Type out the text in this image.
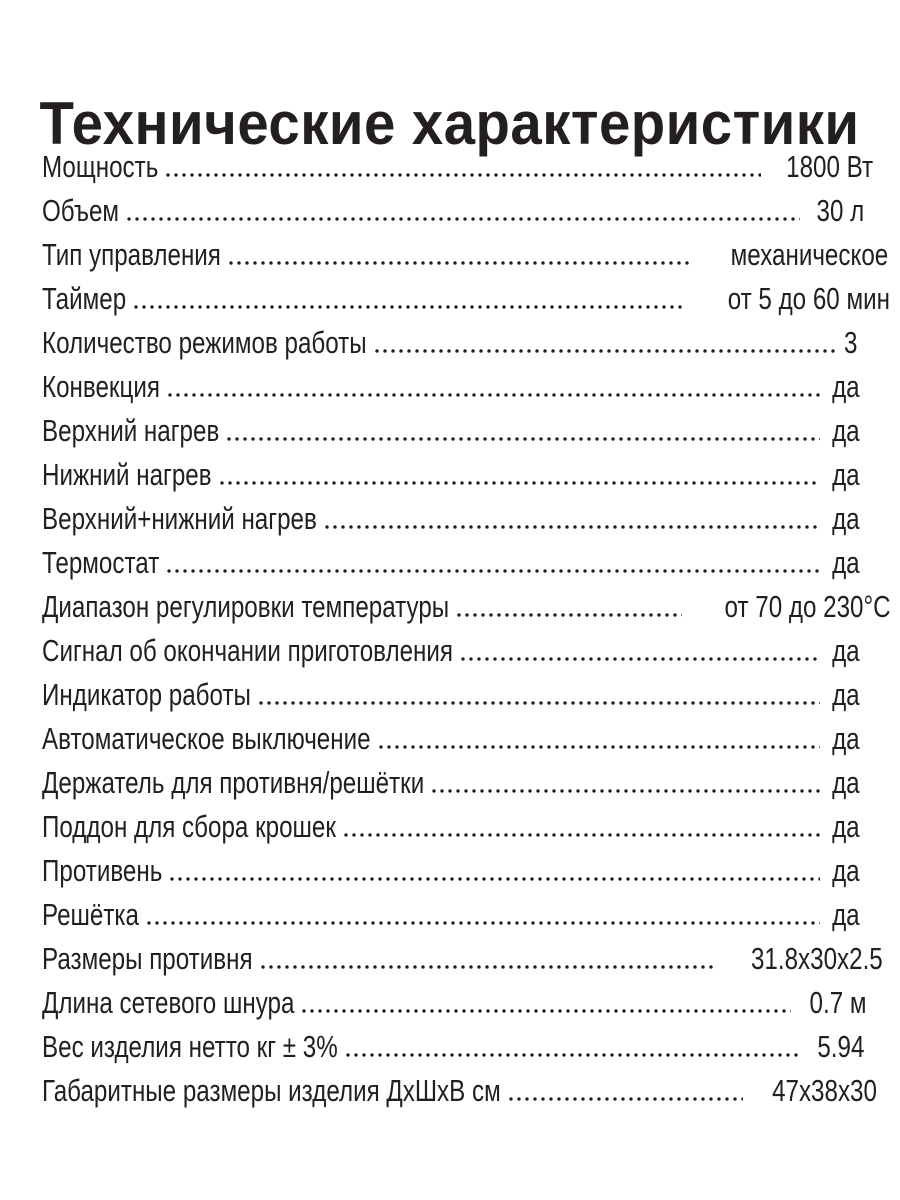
Технические характеристики
Мощность	1800 Вт
Объем	30 л
Тип управления	механическое
Таймер	от 5 до 60 мин
Количество режимов работы	3
Конвекция	да
Верхний нагрев	да
Нижний нагрев	да
Верхний+нижний нагрев	да
Термостат	да
Диапазон регулировки температуры	от 70 до 230°С
Сигнал об окончании приготовления	да
Индикатор работы	да
Автоматическое выключение	да
Держатель для противня/решётки	да
Поддон для сбора крошек	да
Противень	да
Решётка	да
Размеры противня	31.8х30х2.5
Длина сетевого шнура	0.7 м
Вес изделия нетто кг ± 3%	5.94
Габаритные размеры изделия ДхШхВ см	47х38х30
